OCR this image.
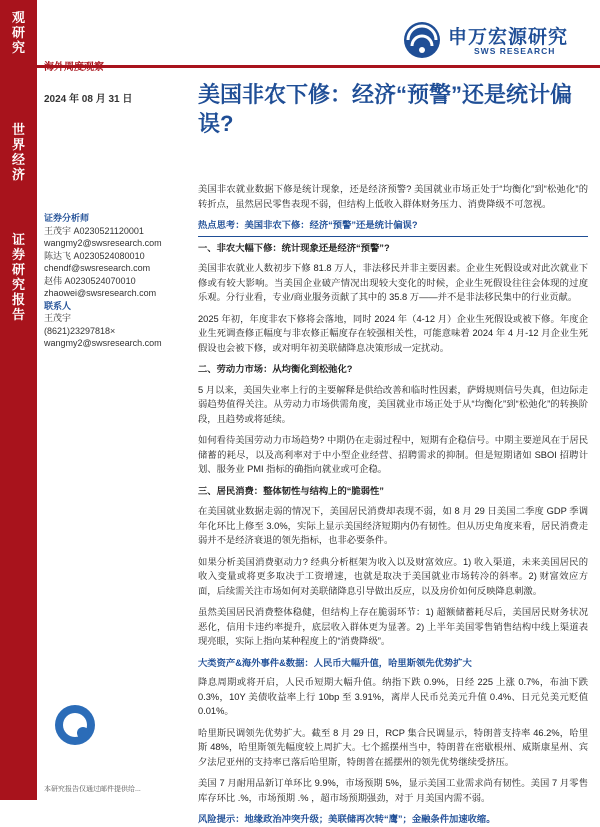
观研究
世界经济
证券研究报告
申万宏源研究
SWS RESEARCH
2024 年 08 月 31 日	美国非农下修：经济“预警”还是统计偏误?
证券分析师
王茂宇 A0230521120001
wangmy2@swsresearch.com
陈达飞 A0230524080010
chendf@swsresearch.com
赵伟 A0230524070010
zhaowei@swsresearch.com
联系人
王茂宇
(8621)23297818×
wangmy2@swsresearch.com

美国非农就业数据下修是统计现象，还是经济预警? 美国就业市场正处于“均衡化”到“松弛化”的转折点，虽然居民零售表现不弱，但结构上低收入群体财务压力、消费降级不可忽视。

热点思考：美国非农下修：经济“预警”还是统计偏误?
一、非农大幅下修：统计现象还是经济“预警”?

美国非农就业人数初步下修 81.8 万人，非法移民并非主要因素。企业生死假设或对此次就业下修或有较大影响。当美国企业破产情况出现较大变化的时候，企业生死假设往往会体现的过度乐观。分行业看，专业/商业服务贡献了其中的 35.8 万——并不是非法移民集中的行业贡献。

2025 年初，年度非农下修将会落地，同时 2024 年（4-12 月）企业生死假设或被下修。年度企业生死调查修正幅度与非农修正幅度存在较强相关性，可能意味着 2024 年 4 月-12 月企业生死假设也会被下修，或对明年初美联储降息决策形成一定扰动。

二、劳动力市场：从均衡化到松弛化?

5 月以来，美国失业率上行的主要解释是供给改善和临时性因素，萨姆规则信号失真，但边际走弱趋势值得关注。从劳动力市场供需角度，美国就业市场正处于从“均衡化”到“松弛化”的转换阶段，且趋势或将延续。

如何看待美国劳动力市场趋势? 中期仍在走弱过程中，短期有企稳信号。中期主要逆风在于居民储蓄的耗尽，以及高利率对于中小型企业经营、招聘需求的抑制。但是短期诸如 SBOI 招聘计划、服务业 PMI 指标的确指向就业或可企稳。

三、居民消费：整体韧性与结构上的“脆弱性”

在美国就业数据走弱的情况下，美国居民消费却表现不弱，如 8 月 29 日美国二季度 GDP 季调年化环比上修至 3.0%，实际上显示美国经济短期内仍有韧性。但从历史角度来看，居民消费走弱并不是经济衰退的领先指标，也非必要条件。

如果分析美国消费驱动力? 经典分析框架为收入以及财富效应。1) 收入渠道，未来美国居民的收入变量或将更多取决于工资增速，也就是取决于美国就业市场转冷的斜率。2) 财富效应方面，后续需关注市场如何对美联储降息引导做出反应，以及房价如何反映降息刺激。

虽然美国居民消费整体稳健，但结构上存在脆弱环节：1) 超额储蓄耗尽后，美国居民财务状况恶化，信用卡违约率提升，底层收入群体更为显著。2) 上半年美国零售销售结构中线上渠道表现亮眼，实际上指向某种程度上的“消费降级”。

大类资产&海外事件&数据：人民币大幅升值，哈里斯领先优势扩大

降息周期或将开启，人民币短期大幅升值。纳指下跌 0.9%，日经 225 上涨 0.7%，布油下跌 0.3%，10Y 美债收益率上行 10bp 至 3.91%，离岸人民币兑美元升值 0.4%、日元兑美元贬值 0.01%。

哈里斯民调领先优势扩大。截至 8 月 29 日，RCP 集合民调显示，特朗普支持率 46.2%，哈里斯 48%，哈里斯领先幅度较上周扩大。七个摇摆州当中，特朗普在密歇根州、威斯康星州、宾夕法尼亚州的支持率已落后哈里斯，特朗普在摇摆州的领先优势继续受挤压。

美国 7 月耐用品新订单环比 9.9%，市场预期 5%，显示美国工业需求尚有韧性。美国 7 月零售库存环比 .%，市场预期 .% ，超市场预期强劲，对于 月美国内需不弱。

风险提示：地缘政治冲突升级；美联储再次转“鹰”；金融条件加速收缩。
本研究报告仅通过邮件提供给...
